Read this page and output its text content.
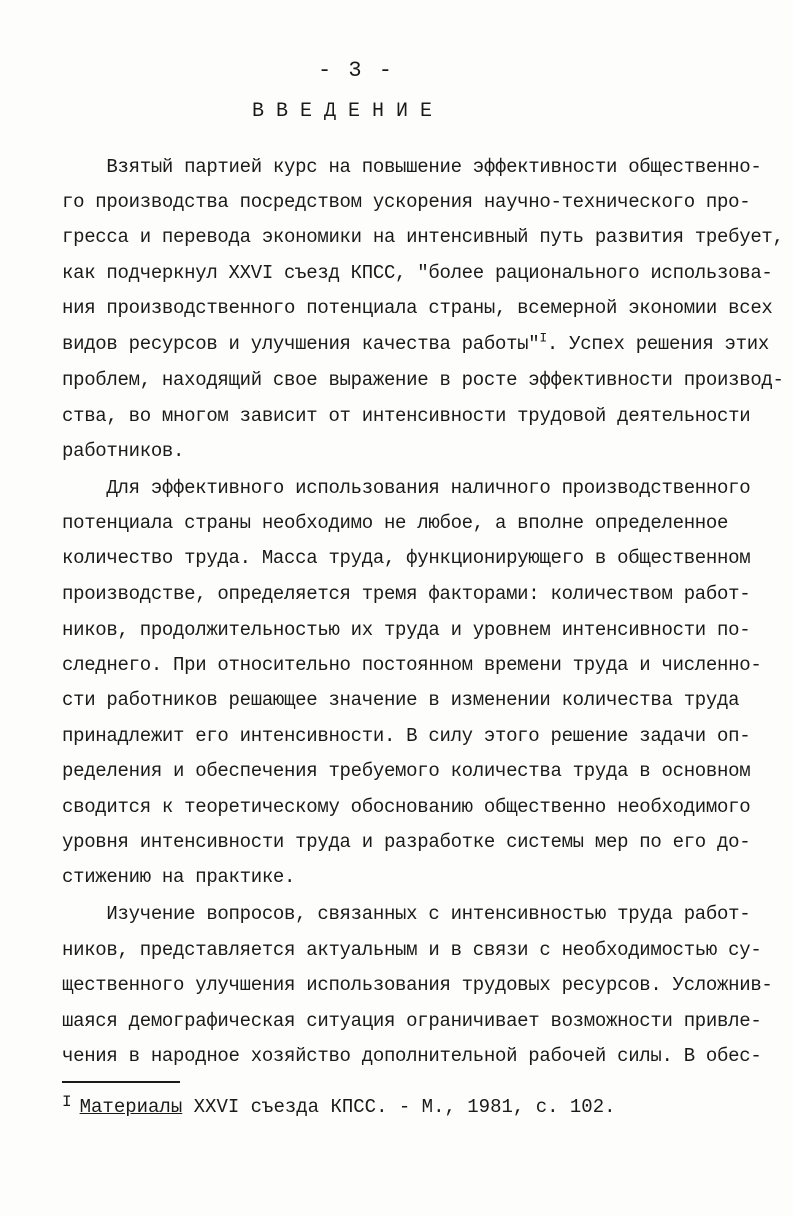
- 3 -
ВВЕДЕНИЕ
Взятый партией курс на повышение эффективности общественно-
го производства посредством ускорения научно-технического про-
гресса и перевода экономики на интенсивный путь развития требует,
как подчеркнул XXVI съезд КПСС, "более рационального использова-
ния производственного потенциала страны, всемерной экономии всех
видов ресурсов и улучшения качества работы"$^I$. Успех решения этих
проблем, находящий свое выражение в росте эффективности производ-
ства, во многом зависит от интенсивности трудовой деятельности
работников.
Для эффективного использования наличного производственного
потенциала страны необходимо не любое, а вполне определенное
количество труда. Масса труда, функционирующего в общественном
производстве, определяется тремя факторами: количеством работ-
ников, продолжительностью их труда и уровнем интенсивности по-
следнего. При относительно постоянном времени труда и численно-
сти работников решающее значение в изменении количества труда
принадлежит его интенсивности. В силу этого решение задачи оп-
ределения и обеспечения требуемого количества труда в основном
сводится к теоретическому обоснованию общественно необходимого
уровня интенсивности труда и разработке системы мер по его до-
стижению на практике.
Изучение вопросов, связанных с интенсивностью труда работ-
ников, представляется актуальным и в связи с необходимостью су-
щественного улучшения использования трудовых ресурсов. Усложнив-
шаяся демографическая ситуация ограничивает возможности привле-
чения в народное хозяйство дополнительной рабочей силы. В обес-
$^I$ Материалы XXVI съезда КПСС. - М., 1981, с. 102.
